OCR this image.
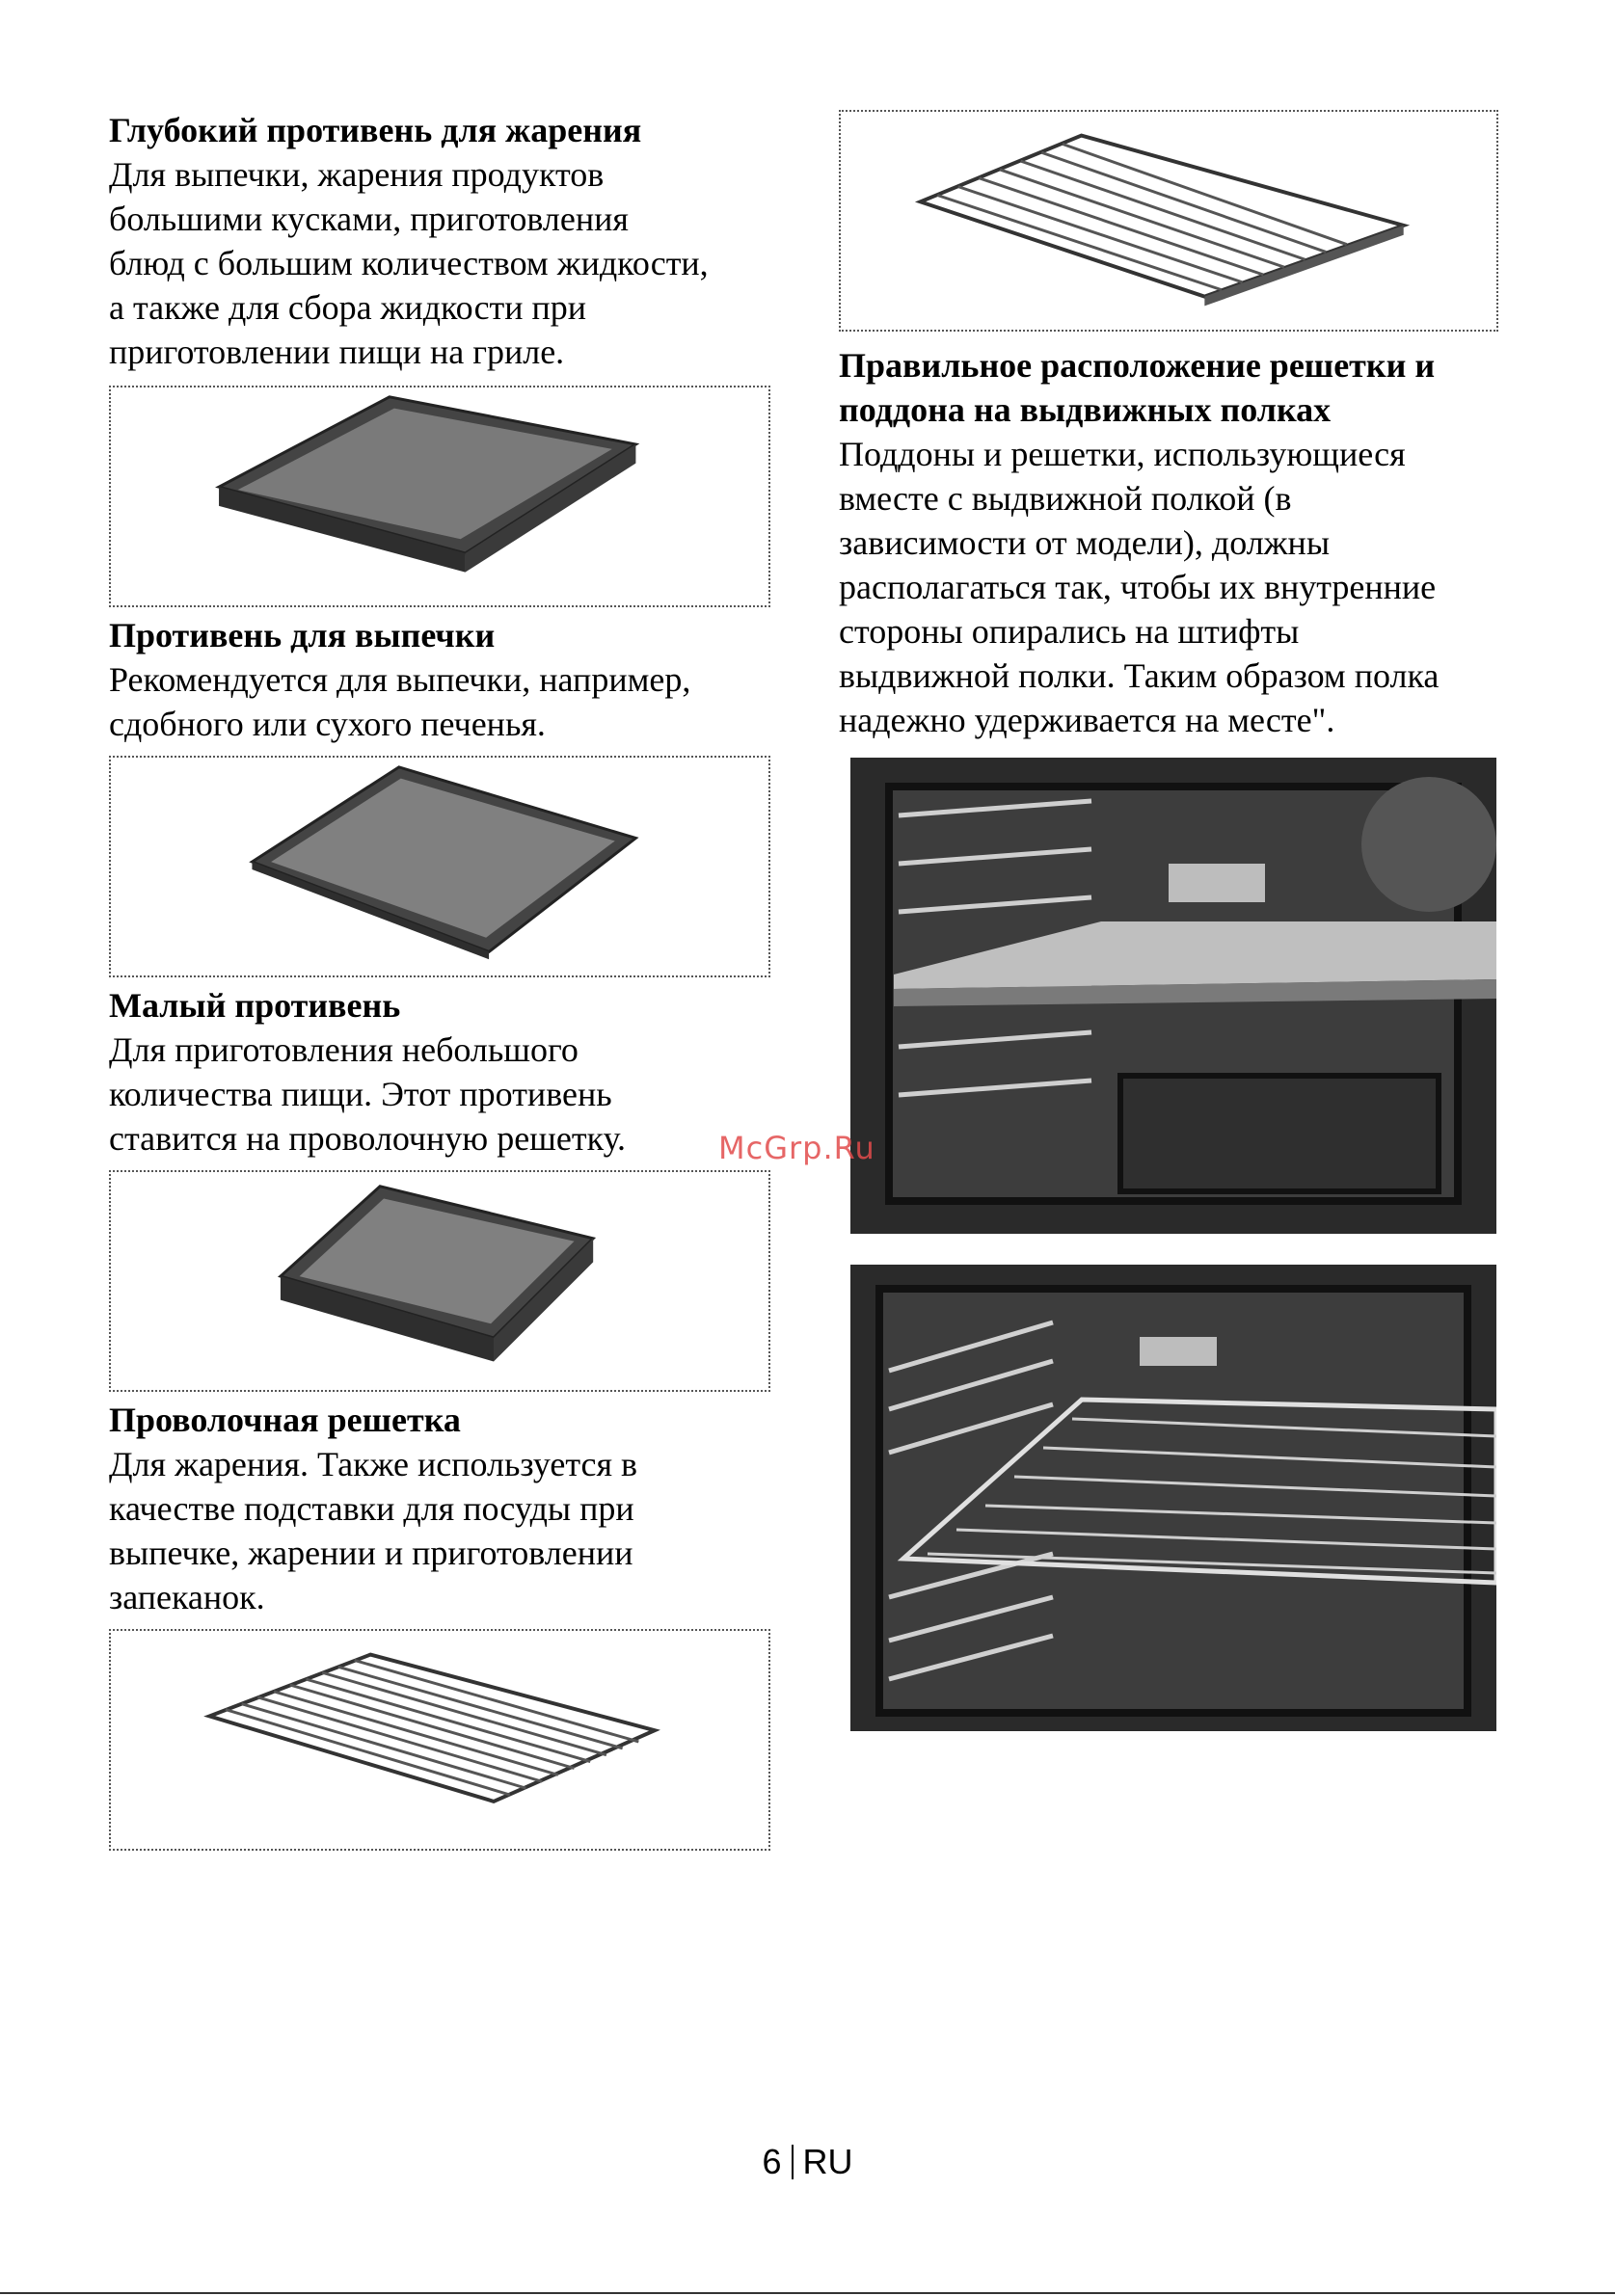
Глубокий противень для жарения

Для выпечки, жарения продуктов
большими кусками, приготовления
блюд с большим количеством жидкости,
а также для сбора жидкости при
приготовлении пищи на гриле.

Противень для выпечки

Рекомендуется для выпечки, например,
сдобного или сухого печенья.

Малый противень

Для приготовления небольшого
количества пищи. Этот противень
ставится на проволочную решетку.

Проволочная решетка

Для жарения. Также используется в
качестве подставки для посуды при
выпечке, жарении и приготовлении
запеканок.

Правильное расположение решетки и
поддона на выдвижных полках

Поддоны и решетки, использующиеся
вместе с выдвижной полкой (в
зависимости от модели), должны
располагаться так, чтобы их внутренние
стороны опирались на штифты
выдвижной полки. Таким образом полка
надежно удерживается на месте".

McGrp.Ru
6 RU
